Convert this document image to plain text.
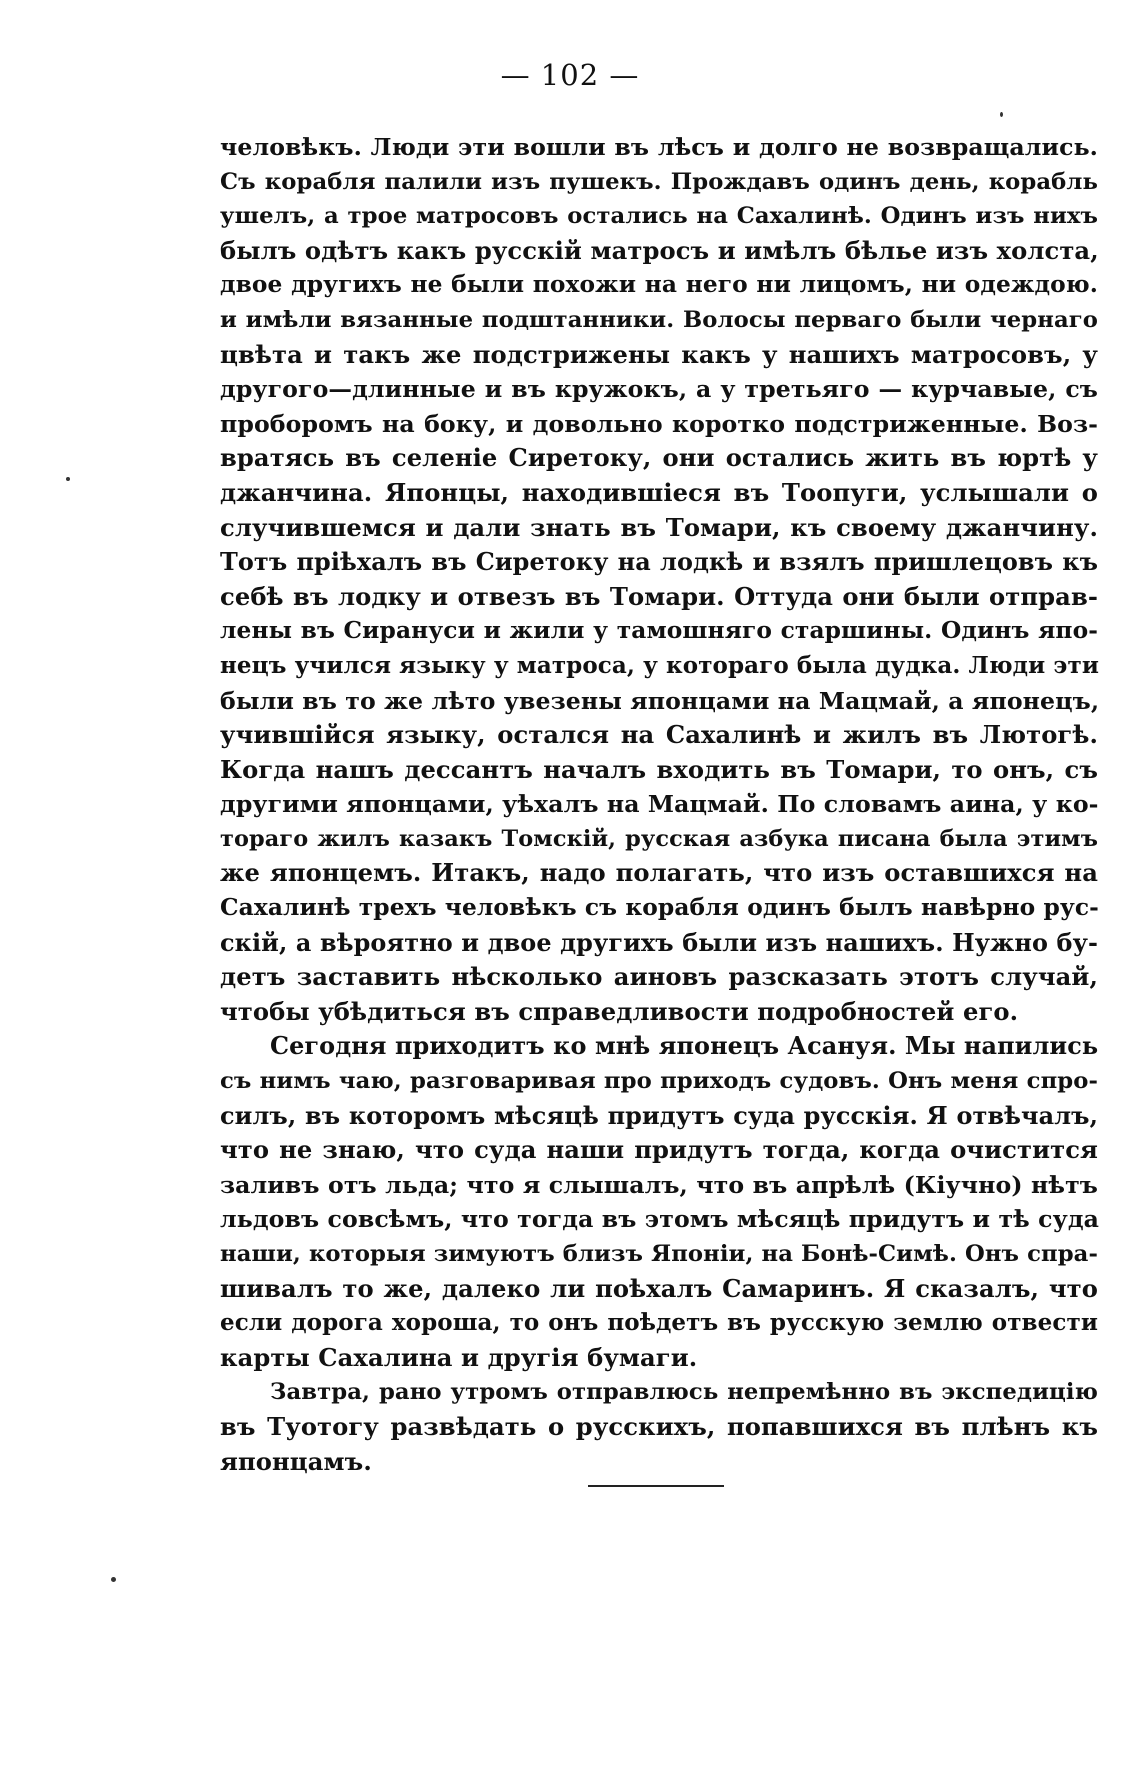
— 102 —
человѣкъ. Люди эти вошли въ лѣсъ и долго не возвращались.
Съ корабля палили изъ пушекъ. Прождавъ одинъ день, корабль
ушелъ, а трое матросовъ остались на Сахалинѣ. Одинъ изъ нихъ
былъ одѣтъ какъ русскій матросъ и имѣлъ бѣлье изъ холста,
двое другихъ не были похожи на него ни лицомъ, ни одеждою.
и имѣли вязанные подштанники. Волосы перваго были чернаго
цвѣта и такъ же подстрижены какъ у нашихъ матросовъ, у
другого—длинные и въ кружокъ, а у третьяго — курчавые, съ
проборомъ на боку, и довольно коротко подстриженные. Воз-
вратясь въ селеніе Сиретоку, они остались жить въ юртѣ у
джанчина. Японцы, находившіеся въ Тоопуги, услышали о
случившемся и дали знать въ Томари, къ своему джанчину.
Тотъ пріѣхалъ въ Сиретоку на лодкѣ и взялъ пришлецовъ къ
себѣ въ лодку и отвезъ въ Томари. Оттуда они были отправ-
лены въ Сирануси и жили у тамошняго старшины. Одинъ япо-
нецъ учился языку у матроса, у котораго была дудка. Люди эти
были въ то же лѣто увезены японцами на Мацмай, а японецъ,
учившійся языку, остался на Сахалинѣ и жилъ въ Лютогѣ.
Когда нашъ дессантъ началъ входить въ Томари, то онъ, съ
другими японцами, уѣхалъ на Мацмай. По словамъ аина, у ко-
тораго жилъ казакъ Томскій, русская азбука писана была этимъ
же японцемъ. Итакъ, надо полагать, что изъ оставшихся на
Сахалинѣ трехъ человѣкъ съ корабля одинъ былъ навѣрно рус-
скій, а вѣроятно и двое другихъ были изъ нашихъ. Нужно бу-
детъ заставить нѣсколько аиновъ разсказать этотъ случай,
чтобы убѣдиться въ справедливости подробностей его.
Сегодня приходитъ ко мнѣ японецъ Асануя. Мы напились
съ нимъ чаю, разговаривая про приходъ судовъ. Онъ меня спро-
силъ, въ которомъ мѣсяцѣ придутъ суда русскія. Я отвѣчалъ,
что не знаю, что суда наши придутъ тогда, когда очистится
заливъ отъ льда; что я слышалъ, что въ апрѣлѣ (Кіучно) нѣтъ
льдовъ совсѣмъ, что тогда въ этомъ мѣсяцѣ придутъ и тѣ суда
наши, которыя зимуютъ близъ Японіи, на Бонѣ-Симѣ. Онъ спра-
шивалъ то же, далеко ли поѣхалъ Самаринъ. Я сказалъ, что
если дорога хороша, то онъ поѣдетъ въ русскую землю отвести
карты Сахалина и другія бумаги.
Завтра, рано утромъ отправлюсь непремѣнно въ экспедицію
въ Туотогу развѣдать о русскихъ, попавшихся въ плѣнъ къ
японцамъ.
